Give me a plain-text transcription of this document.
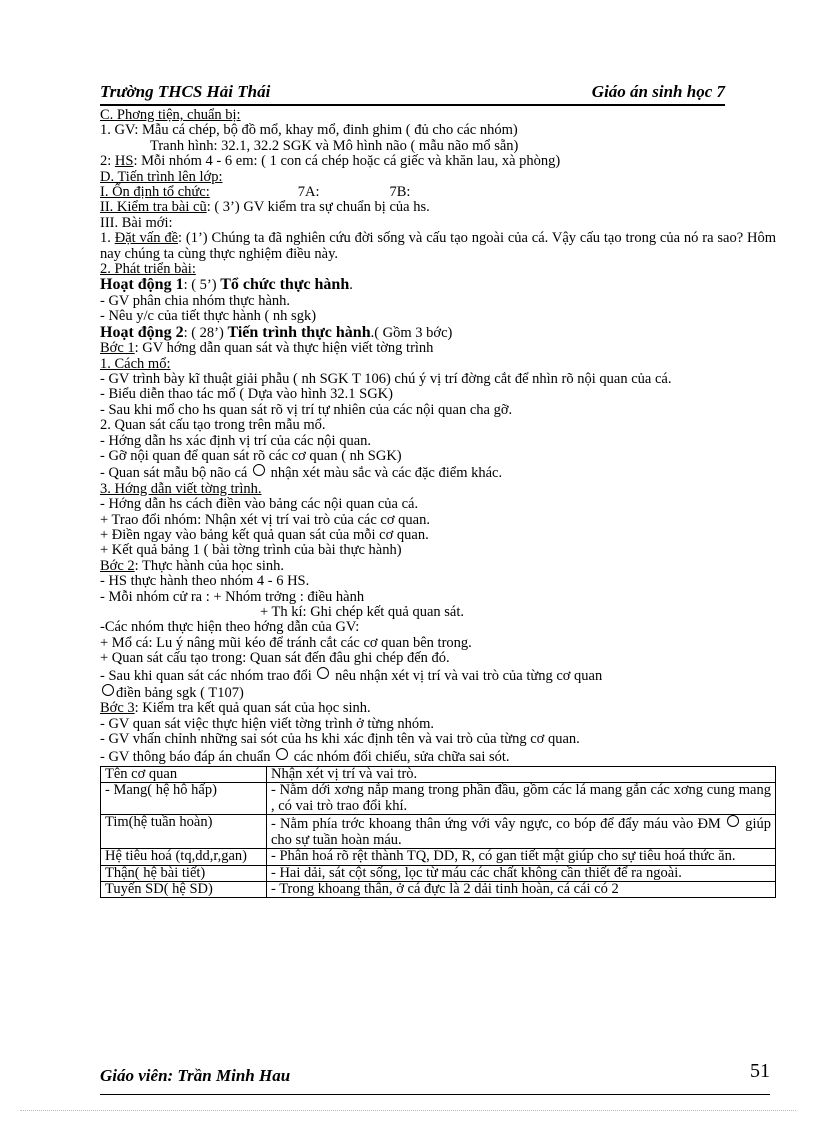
Trường THCS Hải Thái	Giáo án sinh học 7
C. Phơng tiện, chuẩn bị:
1. GV: Mẫu cá chép, bộ đồ mổ, khay mổ, đinh ghim ( đủ cho các nhóm)
Tranh hình: 32.1, 32.2 SGK và Mô hình não ( mẫu não mổ sẵn)
2: HS: Mỗi nhóm 4 - 6 em: ( 1 con cá chép hoặc cá giếc và khăn lau, xà phòng)
D. Tiến trình lên lớp:
I. Ổn định tổ chức:	7A:	7B:
II. Kiểm tra bài cũ: ( 3’) GV kiểm tra sự chuẩn bị của hs.
III. Bài mới:
1. Đặt vấn đề: (1’) Chúng ta đã nghiên cứu đời sống và cấu tạo ngoài của cá. Vậy cấu tạo trong của nó ra sao? Hôm nay chúng ta cùng thực nghiệm điều này.
2. Phát triển bài:
Hoạt động 1: ( 5’) Tổ chức thực hành.
- GV phân chia nhóm thực hành.
- Nêu y/c của tiết thực hành ( nh sgk)
Hoạt động 2: ( 28’) Tiến trình thực hành.( Gồm 3 bớc)
Bớc 1: GV hớng dẫn quan sát và thực hiện viết tờng trình
1. Cách mổ:
- GV trình bày kĩ thuật giải phẫu ( nh SGK T 106) chú ý vị trí đờng cắt để nhìn rõ nội quan của cá.
- Biểu diễn thao tác mổ ( Dựa vào hình 32.1 SGK)
- Sau khi mổ cho hs quan sát rõ vị trí tự nhiên của các nội quan cha gỡ.
2. Quan sát cấu tạo trong trên mẫu mổ.
- Hớng dẫn hs xác định vị trí của các nội quan.
- Gỡ nội quan để quan sát rõ các cơ quan ( nh SGK)
- Quan sát mẫu bộ não cá  nhận xét màu sắc và các đặc điểm khác.
3. Hớng dẫn viết tờng trình.
- Hớng dẫn hs cách điền vào bảng các nội quan của cá.
+ Trao đổi nhóm: Nhận xét vị trí vai trò của các cơ quan.
+ Điền ngay vào bảng kết quả quan sát của mỗi cơ quan.
+ Kết quả bảng 1 ( bài tờng trình của bài thực hành)
Bớc 2: Thực hành của học sinh.
- HS thực hành theo nhóm 4 - 6 HS.
- Mỗi nhóm cử ra : + Nhóm trởng : điều hành
+ Th kí: Ghi chép kết quả quan sát.
-Các nhóm thực hiện theo hớng dẫn của GV:
+ Mổ cá: Lu ý nâng mũi kéo để tránh cắt các cơ quan bên trong.
+ Quan sát cấu tạo trong: Quan sát đến đâu ghi chép đến đó.
- Sau khi quan sát các nhóm trao đổi  nêu nhận xét vị trí và vai trò của từng cơ quan
điền bảng sgk ( T107)
Bớc 3: Kiểm tra kết quả quan sát của học sinh.
- GV quan sát việc thực hiện viết tờng trình ở từng nhóm.
- GV vhấn chỉnh những sai sót của hs khi xác định tên và vai trò của từng cơ quan.
- GV thông báo đáp án chuẩn  các nhóm đối chiếu, sửa chữa sai sót.
Tên cơ quan	Nhận xét vị trí và vai trò.
- Mang( hệ hô hấp)	- Nằm dới xơng nắp mang trong phần đầu, gồm các lá mang gắn các xơng cung mang , có vai trò trao đổi khí.
Tim(hệ tuần hoàn)	- Nằm phía trớc khoang thân ứng với vây ngực, co bóp để đẩy máu vào ĐM  giúp cho sự tuần hoàn máu.
Hệ tiêu hoá (tq,dd,r,gan)	- Phân hoá rõ rệt thành TQ, DD, R, có gan tiết mật giúp cho sự tiêu hoá thức ăn.
Thận( hệ bài tiết)	- Hai dải, sát cột sống, lọc từ máu các chất không cần thiết để ra ngoài.
Tuyến SD( hệ SD)	- Trong khoang thân, ở cá đực là 2 dải tinh hoàn, cá cái có 2
Giáo viên: Trần Minh Hau	51
